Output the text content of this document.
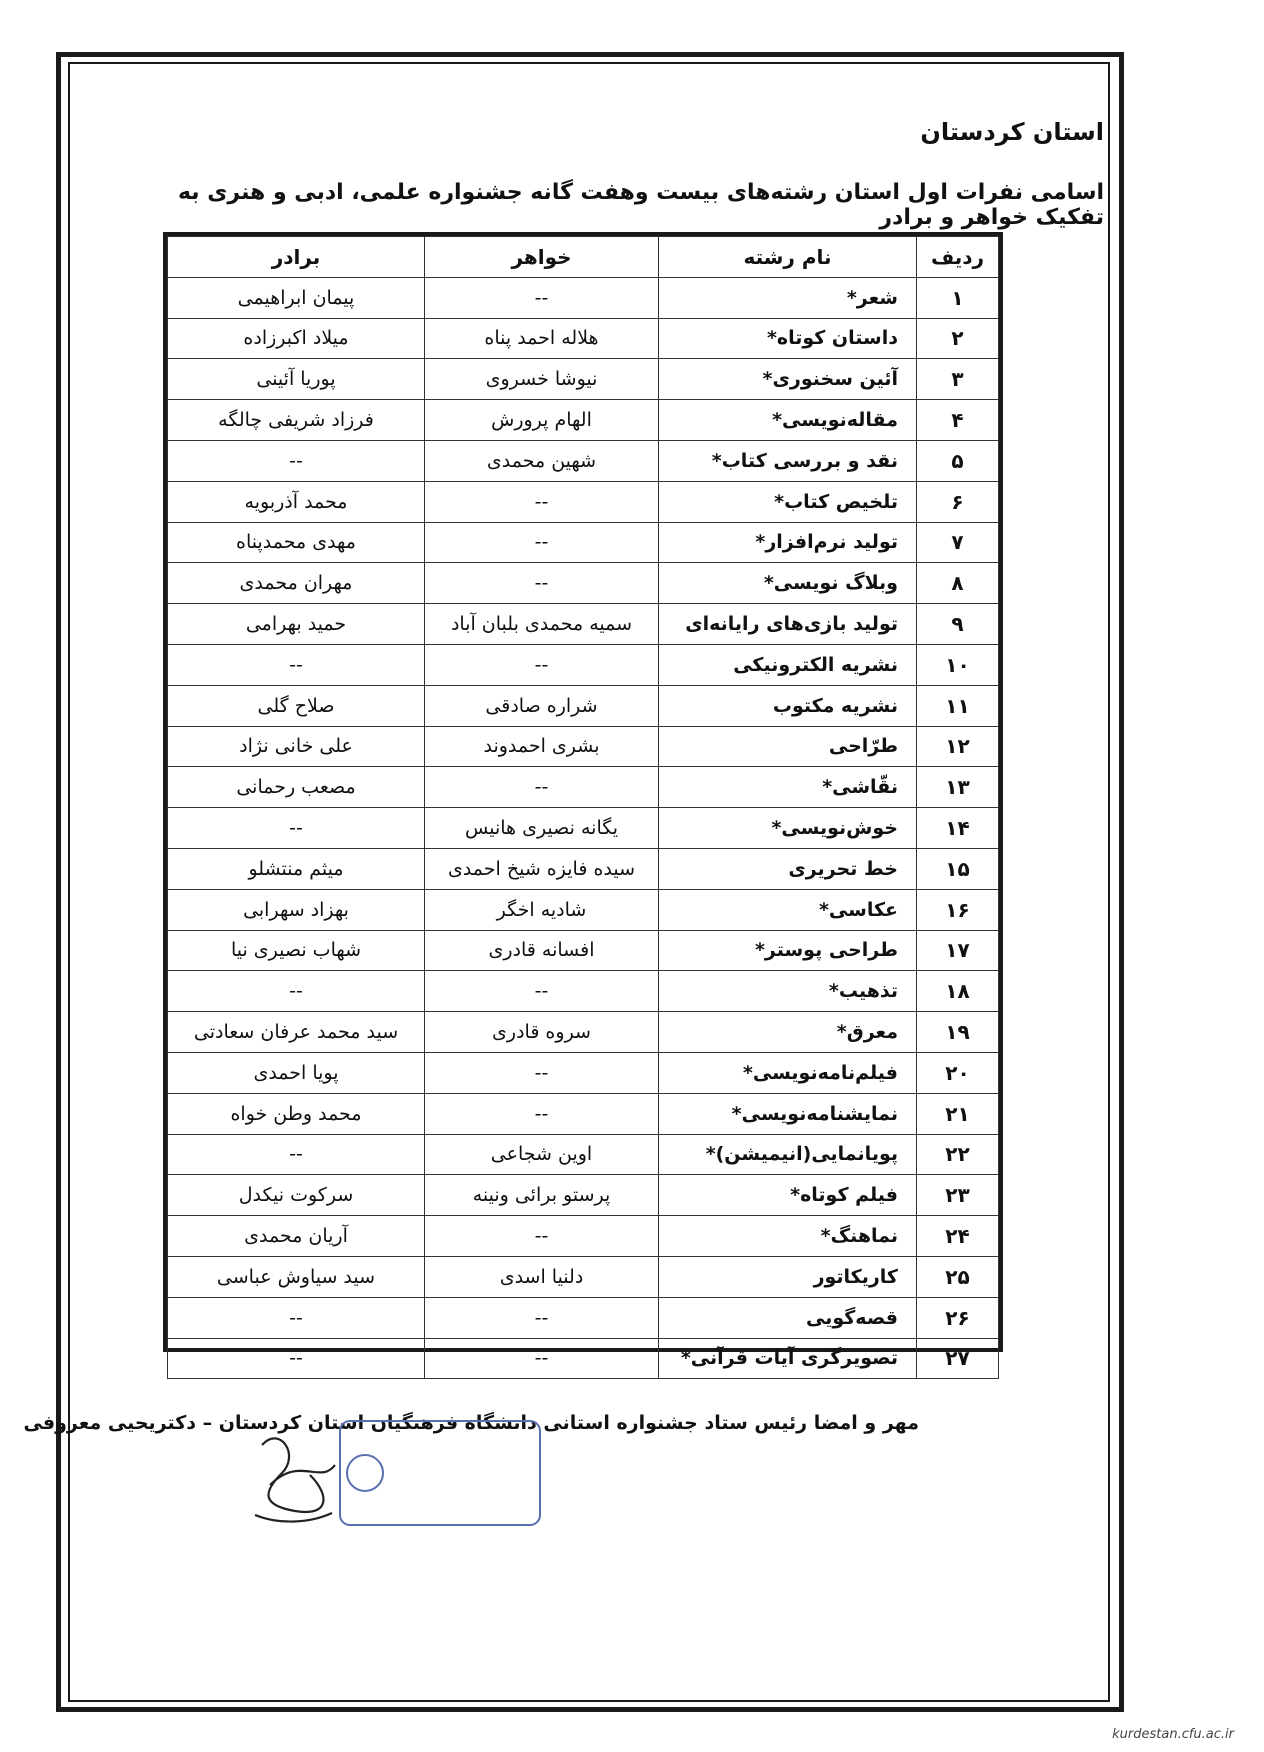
استان کردستان
اسامی نفرات اول استان رشته‌های بیست وهفت گانه جشنواره علمی، ادبی و هنری به تفکیک خواهر و برادر
ردیف	نام رشته	خواهر	برادر
۱	شعر*	--	پیمان ابراهیمی
۲	داستان کوتاه*	هلاله احمد پناه	میلاد اکبرزاده
۳	آئین سخنوری*	نیوشا خسروی	پوریا آئینی
۴	مقاله‌نویسی*	الهام پرورش	فرزاد شریفی چالگه
۵	نقد و بررسی کتاب*	شهین محمدی	--
۶	تلخیص کتاب*	--	محمد آذربویه
۷	تولید نرم‌افزار*	--	مهدی محمدپناه
۸	وبلاگ نویسی*	--	مهران محمدی
۹	تولید بازی‌های رایانه‌ای	سمیه محمدی بلبان آباد	حمید بهرامی
۱۰	نشریه الکترونیکی	--	--
۱۱	نشریه مکتوب	شراره صادقی	صلاح گلی
۱۲	طرّاحی	بشری احمدوند	علی خانی نژاد
۱۳	نقّاشی*	--	مصعب رحمانی
۱۴	خوش‌نویسی*	یگانه نصیری هانیس	--
۱۵	خط تحریری	سیده فایزه شیخ احمدی	میثم منتشلو
۱۶	عکاسی*	شادیه اخگر	بهزاد سهرابی
۱۷	طراحی پوستر*	افسانه قادری	شهاب نصیری نیا
۱۸	تذهیب*	--	--
۱۹	معرق*	سروه قادری	سید محمد عرفان سعادتی
۲۰	فیلم‌نامه‌نویسی*	--	پویا احمدی
۲۱	نمایشنامه‌نویسی*	--	محمد وطن خواه
۲۲	پویانمایی(انیمیشن)*	اوین شجاعی	--
۲۳	فیلم کوتاه*	پرستو برائی ونینه	سرکوت نیکدل
۲۴	نماهنگ*	--	آریان محمدی
۲۵	کاریکاتور	دلنیا اسدی	سید سیاوش عباسی
۲۶	قصه‌گویی	--	--
۲۷	تصویرگری آیات قرآنی*	--	--

مهر و امضا رئیس ستاد جشنواره استانی دانشگاه فرهنگیان استان کردستان – دکتریحیی معروفی

kurdestan.cfu.ac.ir
